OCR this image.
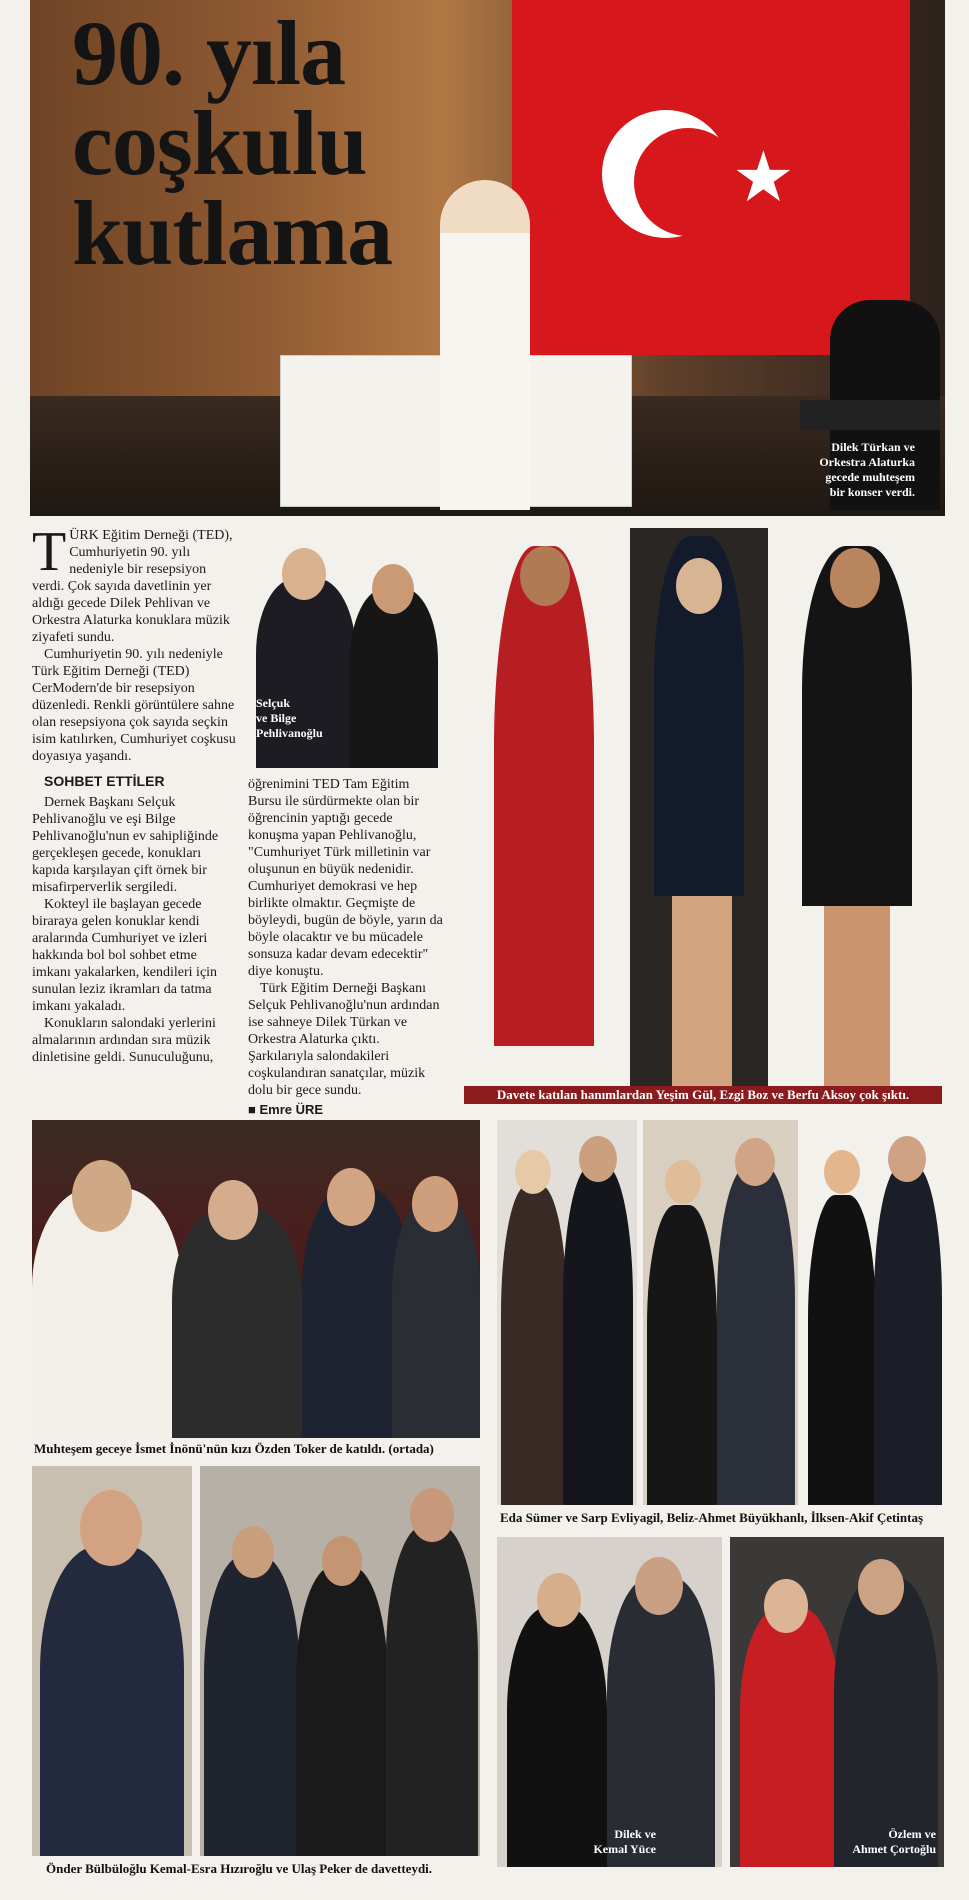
★
90. yıla
coşkulu
kutlama
Dilek Türkan ve
Orkestra Alaturka
gecede muhteşem
bir konser verdi.

TÜRK Eğitim Derneği (TED), Cumhuriyetin 90. yılı nedeniyle bir resepsiyon verdi. Çok sayıda davetlinin yer aldığı gecede Dilek Pehlivan ve Orkestra Alaturka konuklara müzik ziyafeti sundu.

Cumhuriyetin 90. yılı nedeniyle Türk Eğitim Derneği (TED) CerModern'de bir resepsiyon düzenledi. Renkli görüntülere sahne olan resepsiyona çok sayıda seçkin isim katılırken, Cumhuriyet coşkusu doyasıya yaşandı.

SOHBET ETTİLER

Dernek Başkanı Selçuk Pehlivanoğlu ve eşi Bilge Pehlivanoğlu'nun ev sahipliğinde gerçekleşen gecede, konukları kapıda karşılayan çift örnek bir misafirperverlik sergiledi.

Kokteyl ile başlayan gecede biraraya gelen konuklar kendi aralarında Cumhuriyet ve izleri hakkında bol bol sohbet etme imkanı yakalarken, kendileri için sunulan leziz ikramları da tatma imkanı yakaladı.

Konukların salondaki yerlerini almalarının ardından sıra müzik dinletisine geldi. Sunuculuğunu,

Selçuk
ve Bilge
Pehlivanoğlu

öğrenimini TED Tam Eğitim Bursu ile sürdürmekte olan bir öğrencinin yaptığı gecede konuşma yapan Pehlivanoğlu, "Cumhuriyet Türk milletinin var oluşunun en büyük nedenidir. Cumhuriyet demokrasi ve hep birlikte olmaktır. Geçmişte de böyleydi, bugün de böyle, yarın da böyle olacaktır ve bu mücadele sonsuza kadar devam edecektir" diye konuştu.

Türk Eğitim Derneği Başkanı Selçuk Pehlivanoğlu'nun ardından ise sahneye Dilek Türkan ve Orkestra Alaturka çıktı. Şarkılarıyla salondakileri coşkulandıran sanatçılar, müzik dolu bir gece sundu.

■ Emre ÜRE
Davete katılan hanımlardan Yeşim Gül, Ezgi Boz ve Berfu Aksoy çok şıktı.
Muhteşem geceye İsmet İnönü'nün kızı Özden Toker de katıldı. (ortada)
Eda Sümer ve Sarp Evliyagil, Beliz-Ahmet Büyükhanlı, İlksen-Akif Çetintaş
Önder Bülbüloğlu Kemal-Esra Hızıroğlu ve Ulaş Peker de davetteydi.
Dilek ve
Kemal Yüce
Özlem ve
Ahmet Çortoğlu
